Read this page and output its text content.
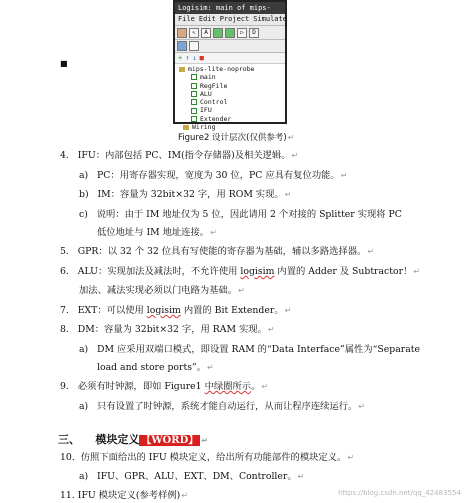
Logisim: main of mips-
File Edit Project Simulate
↖	A	▷	D
+ ↑ ↓ ■
mips-lite-noprobe
main
RegFile
ALU
Control
IFU
Extender
Wiring
■
Figure2 设计层次(仅供参考)↵
4. IFU：内部包括 PC、IM(指令存储器)及相关逻辑。↵
a) PC：用寄存器实现，宽度为 30 位，PC 应具有复位功能。↵
b) IM：容量为 32bit×32 字，用 ROM 实现。↵
c) 说明：由于 IM 地址仅为 5 位，因此请用 2 个对接的 Splitter 实现将 PC
低位地址与 IM 地址连接。↵
5. GPR：以 32 个 32 位具有写使能的寄存器为基础，辅以多路选择器。↵
6. ALU：实现加法及减法时，不允许使用 logisim 内置的 Adder 及 Subtractor！↵
加法、减法实现必须以门电路为基础。↵
7. EXT：可以使用 logisim 内置的 Bit Extender。↵
8. DM：容量为 32bit×32 字，用 RAM 实现。↵
a) DM 应采用双端口模式，即设置 RAM 的“Data Interface”属性为“Separate
load and store ports”。↵
9. 必须有时钟源，即如 Figure1 中绿圈所示。↵
a) 只有设置了时钟源，系统才能自动运行，从而让程序连续运行。↵
三、 模块定义 【WORD】 ↵
10. 仿照下面给出的 IFU 模块定义，给出所有功能部件的模块定义。↵
a) IFU、GPR、ALU、EXT、DM、Controller。↵
11. IFU 模块定义(参考样例)↵	https://blog.csdn.net/qq_42483554
